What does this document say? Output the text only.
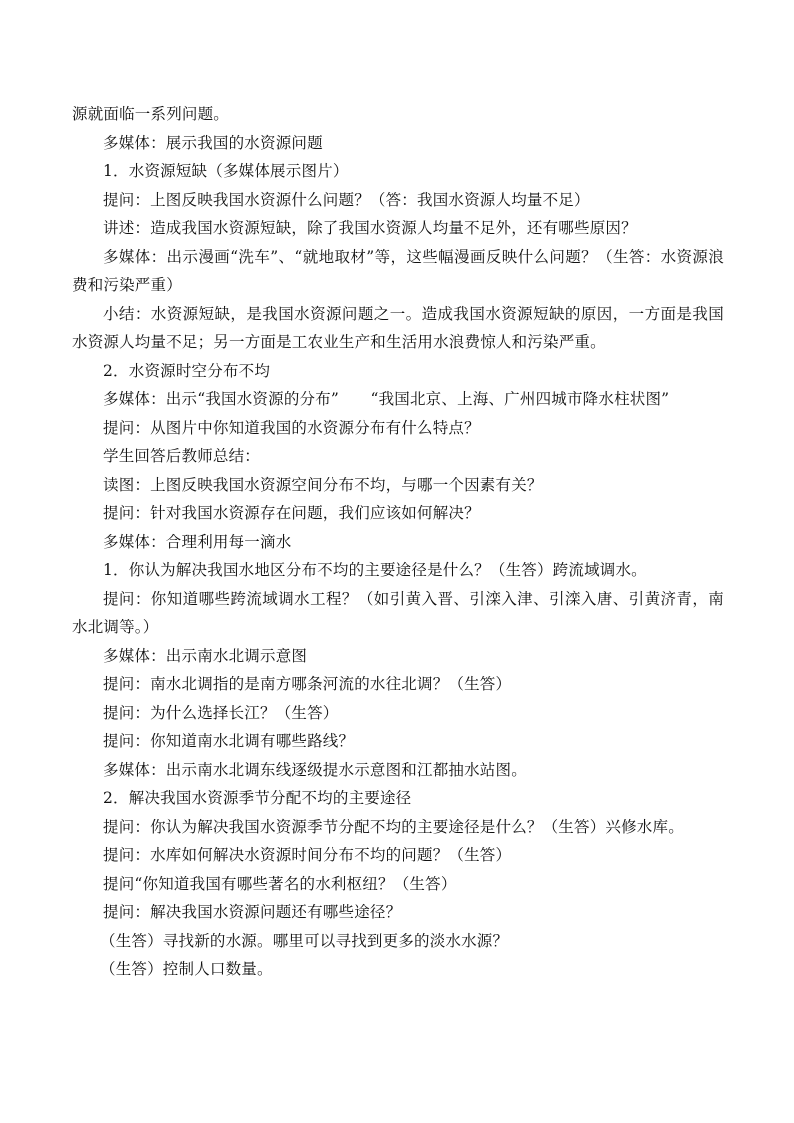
源就面临一系列问题。
多媒体：展示我国的水资源问题
1．水资源短缺（多媒体展示图片）
提问：上图反映我国水资源什么问题？（答：我国水资源人均量不足）
讲述：造成我国水资源短缺，除了我国水资源人均量不足外，还有哪些原因？
多媒体：出示漫画“洗车”、“就地取材”等，这些幅漫画反映什么问题？（生答：水资源浪
费和污染严重）
小结：水资源短缺，是我国水资源问题之一。造成我国水资源短缺的原因，一方面是我国
水资源人均量不足；另一方面是工农业生产和生活用水浪费惊人和污染严重。
2．水资源时空分布不均
多媒体：出示“我国水资源的分布”　　“我国北京、上海、广州四城市降水柱状图”
提问：从图片中你知道我国的水资源分布有什么特点？
学生回答后教师总结：
读图：上图反映我国水资源空间分布不均，与哪一个因素有关？
提问：针对我国水资源存在问题，我们应该如何解决？
多媒体：合理利用每一滴水
1．你认为解决我国水地区分布不均的主要途径是什么？（生答）跨流域调水。
提问：你知道哪些跨流域调水工程？（如引黄入晋、引滦入津、引滦入唐、引黄济青，南
水北调等。）
多媒体：出示南水北调示意图
提问：南水北调指的是南方哪条河流的水往北调？（生答）
提问：为什么选择长江？（生答）
提问：你知道南水北调有哪些路线？
多媒体：出示南水北调东线逐级提水示意图和江都抽水站图。
2．解决我国水资源季节分配不均的主要途径
提问：你认为解决我国水资源季节分配不均的主要途径是什么？（生答）兴修水库。
提问：水库如何解决水资源时间分布不均的问题？（生答）
提问“你知道我国有哪些著名的水利枢纽？（生答）
提问：解决我国水资源问题还有哪些途径？
（生答）寻找新的水源。哪里可以寻找到更多的淡水水源？
（生答）控制人口数量。
